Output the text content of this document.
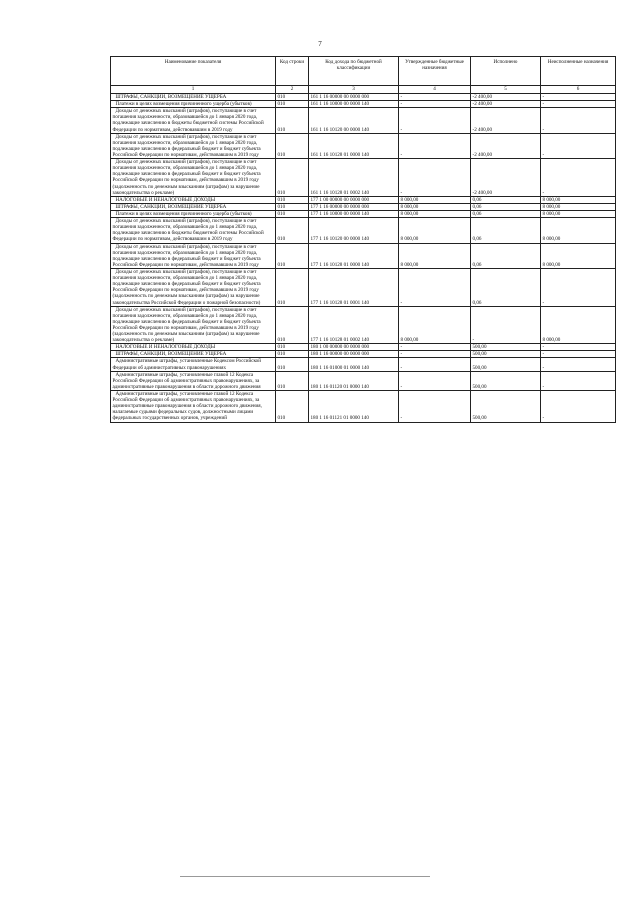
7
Наименование показателя	Код строки	Код дохода по бюджетной классификации	Утвержденные бюджетные назначения	Исполнено	Неисполненные назначения
1	2	3	4	5	6
ШТРАФЫ, САНКЦИИ, ВОЗМЕЩЕНИЕ УЩЕРБА	010	161 1 16 00000 00 0000 000	-	-2 400,00	-
Платежи в целях возмещения причиненного ущерба (убытков)	010	161 1 16 10000 00 0000 140	-	-2 400,00	-
Доходы от денежных взысканий (штрафов), поступающие в счет погашения задолженности, образовавшейся до 1 января 2020 года, подлежащие зачислению в бюджеты бюджетной системы Российской Федерации по нормативам, действовавшим в 2019 году	010	161 1 16 10120 00 0000 140	-	-2 400,00	-
Доходы от денежных взысканий (штрафов), поступающие в счет погашения задолженности, образовавшейся до 1 января 2020 года, подлежащие зачислению в федеральный бюджет и бюджет субъекта Российской Федерации по нормативам, действовавшим в 2019 году	010	161 1 16 10128 01 0000 140	-	-2 400,00	-
Доходы от денежных взысканий (штрафов), поступающие в счет погашения задолженности, образовавшейся до 1 января 2020 года, подлежащие зачислению в федеральный бюджет и бюджет субъекта Российской Федерации по нормативам, действовавшим в 2019 году (задолженность по денежным взысканиям (штрафам) за нарушение законодательства о рекламе)	010	161 1 16 10128 01 0002 140	-	-2 400,00	-
НАЛОГОВЫЕ И НЕНАЛОГОВЫЕ ДОХОДЫ	010	177 1 00 00000 00 0000 000	8 000,00	0,06	8 000,00
ШТРАФЫ, САНКЦИИ, ВОЗМЕЩЕНИЕ УЩЕРБА	010	177 1 16 00000 00 0000 000	8 000,00	0,06	8 000,00
Платежи в целях возмещения причиненного ущерба (убытков)	010	177 1 16 10000 00 0000 140	8 000,00	0,06	8 000,00
Доходы от денежных взысканий (штрафов), поступающие в счет погашения задолженности, образовавшейся до 1 января 2020 года, подлежащие зачислению в бюджеты бюджетной системы Российской Федерации по нормативам, действовавшим в 2019 году	010	177 1 16 10120 00 0000 140	8 000,00	0,06	8 000,00
Доходы от денежных взысканий (штрафов), поступающие в счет погашения задолженности, образовавшейся до 1 января 2020 года, подлежащие зачислению в федеральный бюджет и бюджет субъекта Российской Федерации по нормативам, действовавшим в 2019 году	010	177 1 16 10128 01 0000 140	8 000,00	0,06	8 000,00
Доходы от денежных взысканий (штрафов), поступающие в счет погашения задолженности, образовавшейся до 1 января 2020 года, подлежащие зачислению в федеральный бюджет и бюджет субъекта Российской Федерации по нормативам, действовавшим в 2019 году (задолженность по денежным взысканиям (штрафам) за нарушение законодательства Российской Федерации о пожарной безопасности)	010	177 1 16 10128 01 0001 140	-	0,06	-
Доходы от денежных взысканий (штрафов), поступающие в счет погашения задолженности, образовавшейся до 1 января 2020 года, подлежащие зачислению в федеральный бюджет и бюджет субъекта Российской Федерации по нормативам, действовавшим в 2019 году (задолженность по денежным взысканиям (штрафам) за нарушение законодательства о рекламе)	010	177 1 16 10128 01 0002 140	8 000,00	-	8 000,00
НАЛОГОВЫЕ И НЕНАЛОГОВЫЕ ДОХОДЫ	010	180 1 00 00000 00 0000 000	-	500,00	-
ШТРАФЫ, САНКЦИИ, ВОЗМЕЩЕНИЕ УЩЕРБА	010	180 1 16 00000 00 0000 000	-	500,00	-
Административные штрафы, установленные Кодексом Российской Федерации об административных правонарушениях	010	180 1 16 01000 01 0000 140	-	500,00	-
Административные штрафы, установленные главой 12 Кодекса Российской Федерации об административных правонарушениях, за административные правонарушения в области дорожного движения	010	180 1 16 01120 01 0000 140	-	500,00	-
Административные штрафы, установленные главой 12 Кодекса Российской Федерации об административных правонарушениях, за административные правонарушения в области дорожного движения, налагаемые судьями федеральных судов, должностными лицами федеральных государственных органов, учреждений	010	180 1 16 01121 01 0000 140	-	500,00	-
